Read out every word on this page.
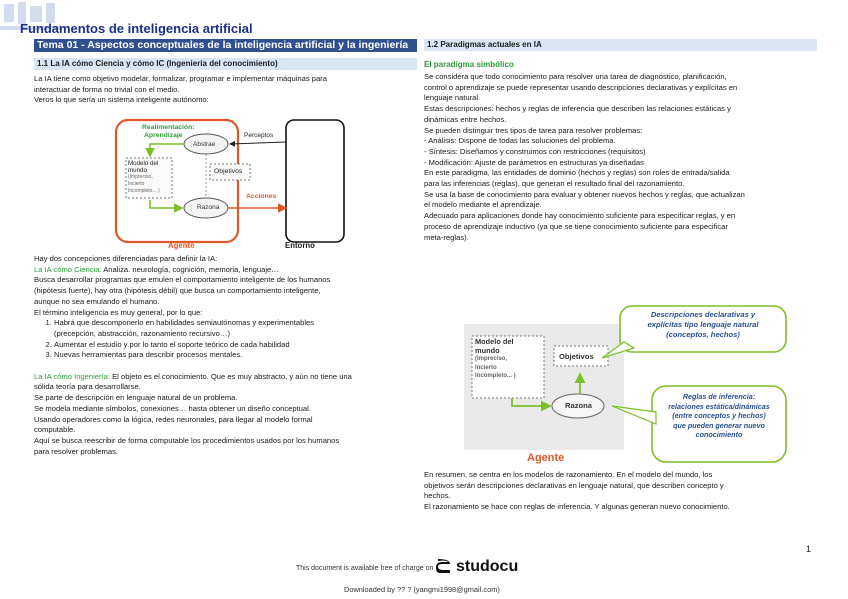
Fundamentos de inteligencia artificial
Tema 01 - Aspectos conceptuales de la inteligencia artificial y la ingeniería
1.1 La IA cómo Ciencia y cómo IC (Ingeniería del conocimiento)

La IA tiene como objetivo modelar, formalizar, programar e implementar máquinas para

interactuar de forma no trivial con el medio.

Veros lo que sería un sistema inteligente autónomo:

Realimentación:
Aprendizaje
Abstrae
Perceptos
Modelo del
mundo
(Impreciso,
Incierto
Incompleto... )
Objetivos
Acciones
Razona
Agente	Entorno

Hay dos concepciones diferenciadas para definir la IA:

La IA cómo Ciencia: Analiza. neurología, cognición, memoria, lenguaje…

Busca desarrollar programas que emulen el comportamiento inteligente de los humanos

(hipótesis fuerte), hay otra (hipótesis débil) que busca un comportamiento inteligente,

aunque no sea emulando el humano.

El término inteligencia es muy general, por lo que:

1. Habrá que descomponerlo en habilidades semiautónomas y experimentables
(precepción, abstracción, razonamiento recursivo…)
2. Aumentar el estudio y por lo tanto el soporte teórico de cada habilidad
3. Nuevas herramientas para describir procesos mentales.

La IA cómo Ingeniería: El objeto es el conocimiento. Que es muy abstracto, y aún no tiene una

sólida teoría para desarrollarse.

Se parte de descripción en lenguaje natural de un problema.

Se modela mediante símbolos, conexiones… hasta obtener un diseño conceptual.

Usando operadores como la lógica, redes neuronales, para llegar al modelo formal

computable.

Aquí se busca reescribir de forma computable los procedimientos usados por los humanos

para resolver problemas.

1.2 Paradigmas actuales en IA
El paradigma simbólico

Se considera que todo conocimiento para resolver una tarea de diagnóstico, planificación,

control o aprendizaje se puede representar usando descripciones declarativas y explícitas en

lenguaje natural.

Estas descripciones: hechos y reglas de inferencia que describen las relaciones estáticas y

dinámicas entre hechos.

Se pueden distinguir tres tipos de tarea para resolver problemas:

- Análisis: Dispone de todas las soluciones del problema.

- Síntesis: Diseñamos y construimos con restricciones (requisitos)

- Modificación: Ajuste de parámetros en estructuras ya diseñadas

En este paradigma, las entidades de dominio (hechos y reglas) son roles de entrada/salida

para las inferencias (reglas), que generan el resultado final del razonamiento.

Se usa la base de conocimiento para evaluar y obtener nuevos hechos y reglas, que actualizan

el modelo mediante el aprendizaje.

Adecuado para aplicaciones donde hay conocimiento suficiente para especificar reglas, y en

proceso de aprendizaje inductivo (ya que se tiene conocimiento suficiente para especificar

meta-reglas).

Descripciones declarativas y
explícitas tipo lenguaje natural
(conceptos, hechos)
Modelo del
mundo
(Impreciso,
Incierto
Incompleto... )
Objetivos
Razona
Reglas de inferencia:
relaciones estática/dinámicas
(entre conceptos y hechos)
que pueden generar nuevo
conocimiento
Agente

En resumen, se centra en los modelos de razonamiento. En el modelo del mundo, los

objetivos serán descripciones declarativas en lenguaje natural, que describen concepto y

hechos.

El razonamiento se hace con reglas de inferencia. Y algunas generan nuevo conocimiento.

1
This document is available free of charge on studocu
Downloaded by ?? ? (yangmi1998@gmail.com)
